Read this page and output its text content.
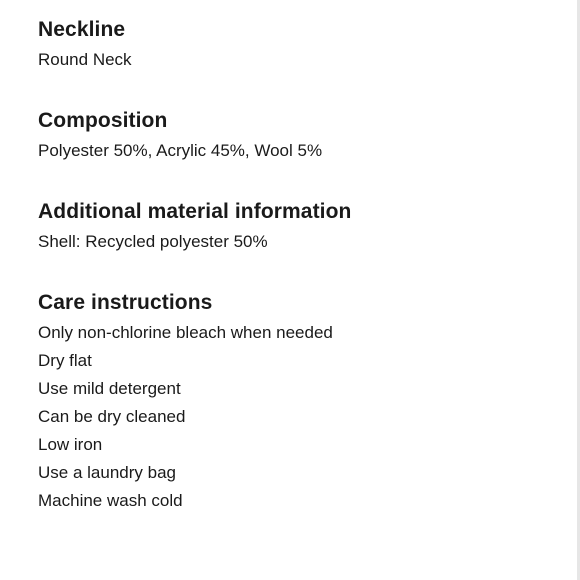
Neckline

Round Neck

Composition

Polyester 50%, Acrylic 45%, Wool 5%

Additional material information

Shell: Recycled polyester 50%

Care instructions
Only non-chlorine bleach when needed
Dry flat
Use mild detergent
Can be dry cleaned
Low iron
Use a laundry bag
Machine wash cold
